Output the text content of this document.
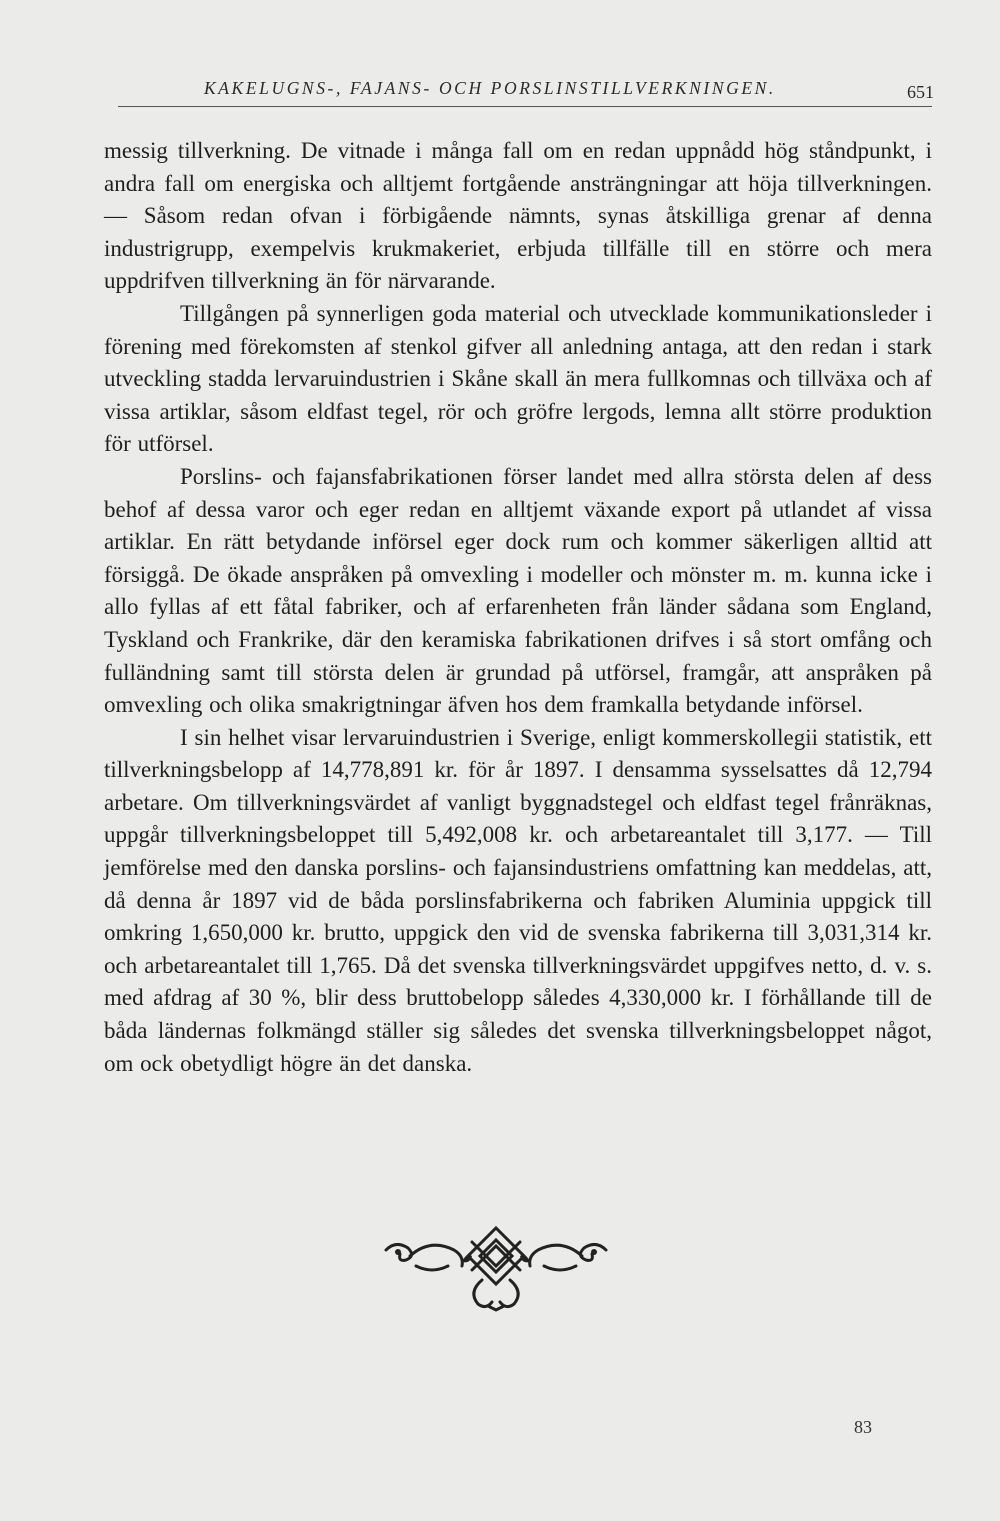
KAKELUGNS-, FAJANS- OCH PORSLINSTILLVERKNINGEN.	651

messig tillverkning. De vitnade i många fall om en redan uppnådd hög ståndpunkt, i andra fall om energiska och alltjemt fortgående ansträngningar att höja tillverkningen. — Såsom redan ofvan i förbigående nämnts, synas åtskilliga grenar af denna industrigrupp, exempelvis krukmakeriet, erbjuda tillfälle till en större och mera uppdrifven tillverkning än för närvarande.

Tillgången på synnerligen goda material och utvecklade kommunikationsleder i förening med förekomsten af stenkol gifver all anledning antaga, att den redan i stark utveckling stadda lervaruindustrien i Skåne skall än mera fullkomnas och tillväxa och af vissa artiklar, såsom eldfast tegel, rör och gröfre lergods, lemna allt större produktion för utförsel.

Porslins- och fajansfabrikationen förser landet med allra största delen af dess behof af dessa varor och eger redan en alltjemt växande export på utlandet af vissa artiklar. En rätt betydande införsel eger dock rum och kommer säkerligen alltid att försiggå. De ökade anspråken på omvexling i modeller och mönster m. m. kunna icke i allo fyllas af ett fåtal fabriker, och af erfarenheten från länder sådana som England, Tyskland och Frankrike, där den keramiska fabrikationen drifves i så stort omfång och fulländning samt till största delen är grundad på utförsel, framgår, att anspråken på omvexling och olika smakrigtningar äfven hos dem framkalla betydande införsel.

I sin helhet visar lervaruindustrien i Sverige, enligt kommerskollegii statistik, ett tillverkningsbelopp af 14,778,891 kr. för år 1897. I densamma sysselsattes då 12,794 arbetare. Om tillverkningsvärdet af vanligt byggnadstegel och eldfast tegel frånräknas, uppgår tillverkningsbeloppet till 5,492,008 kr. och arbetareantalet till 3,177. — Till jemförelse med den danska porslins- och fajansindustriens omfattning kan meddelas, att, då denna år 1897 vid de båda porslinsfabrikerna och fabriken Aluminia uppgick till omkring 1,650,000 kr. brutto, uppgick den vid de svenska fabrikerna till 3,031,314 kr. och arbetareantalet till 1,765. Då det svenska tillverkningsvärdet uppgifves netto, d. v. s. med afdrag af 30 %, blir dess bruttobelopp således 4,330,000 kr. I förhållande till de båda ländernas folkmängd ställer sig således det svenska tillverkningsbeloppet något, om ock obetydligt högre än det danska.

83
